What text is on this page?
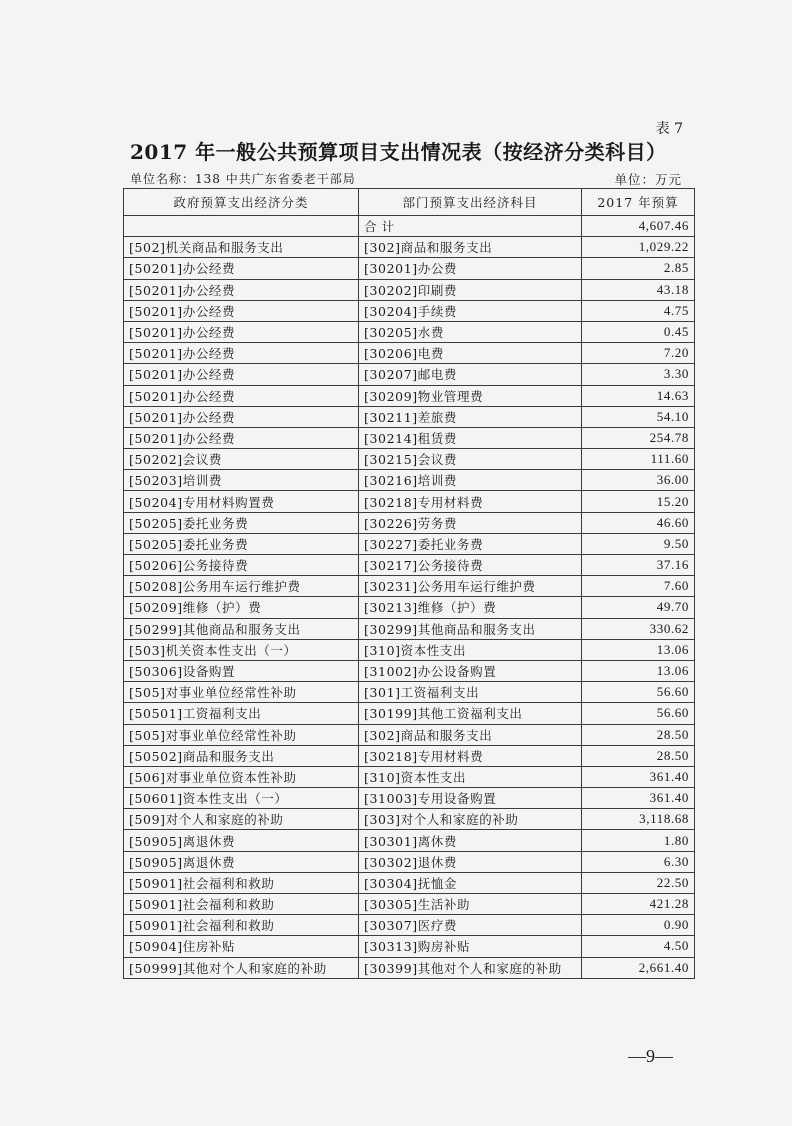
表 7
2017 年一般公共预算项目支出情况表（按经济分类科目）
单位名称：138 中共广东省委老干部局	单位：万元
政府预算支出经济分类	部门预算支出经济科目	2017 年预算
	合 计	4,607.46
[502]机关商品和服务支出	[302]商品和服务支出	1,029.22
[50201]办公经费	[30201]办公费	2.85
[50201]办公经费	[30202]印刷费	43.18
[50201]办公经费	[30204]手续费	4.75
[50201]办公经费	[30205]水费	0.45
[50201]办公经费	[30206]电费	7.20
[50201]办公经费	[30207]邮电费	3.30
[50201]办公经费	[30209]物业管理费	14.63
[50201]办公经费	[30211]差旅费	54.10
[50201]办公经费	[30214]租赁费	254.78
[50202]会议费	[30215]会议费	111.60
[50203]培训费	[30216]培训费	36.00
[50204]专用材料购置费	[30218]专用材料费	15.20
[50205]委托业务费	[30226]劳务费	46.60
[50205]委托业务费	[30227]委托业务费	9.50
[50206]公务接待费	[30217]公务接待费	37.16
[50208]公务用车运行维护费	[30231]公务用车运行维护费	7.60
[50209]维修（护）费	[30213]维修（护）费	49.70
[50299]其他商品和服务支出	[30299]其他商品和服务支出	330.62
[503]机关资本性支出（一）	[310]资本性支出	13.06
[50306]设备购置	[31002]办公设备购置	13.06
[505]对事业单位经常性补助	[301]工资福利支出	56.60
[50501]工资福利支出	[30199]其他工资福利支出	56.60
[505]对事业单位经常性补助	[302]商品和服务支出	28.50
[50502]商品和服务支出	[30218]专用材料费	28.50
[506]对事业单位资本性补助	[310]资本性支出	361.40
[50601]资本性支出（一）	[31003]专用设备购置	361.40
[509]对个人和家庭的补助	[303]对个人和家庭的补助	3,118.68
[50905]离退休费	[30301]离休费	1.80
[50905]离退休费	[30302]退休费	6.30
[50901]社会福利和救助	[30304]抚恤金	22.50
[50901]社会福利和救助	[30305]生活补助	421.28
[50901]社会福利和救助	[30307]医疗费	0.90
[50904]住房补贴	[30313]购房补贴	4.50
[50999]其他对个人和家庭的补助	[30399]其他对个人和家庭的补助	2,661.40
—9—
